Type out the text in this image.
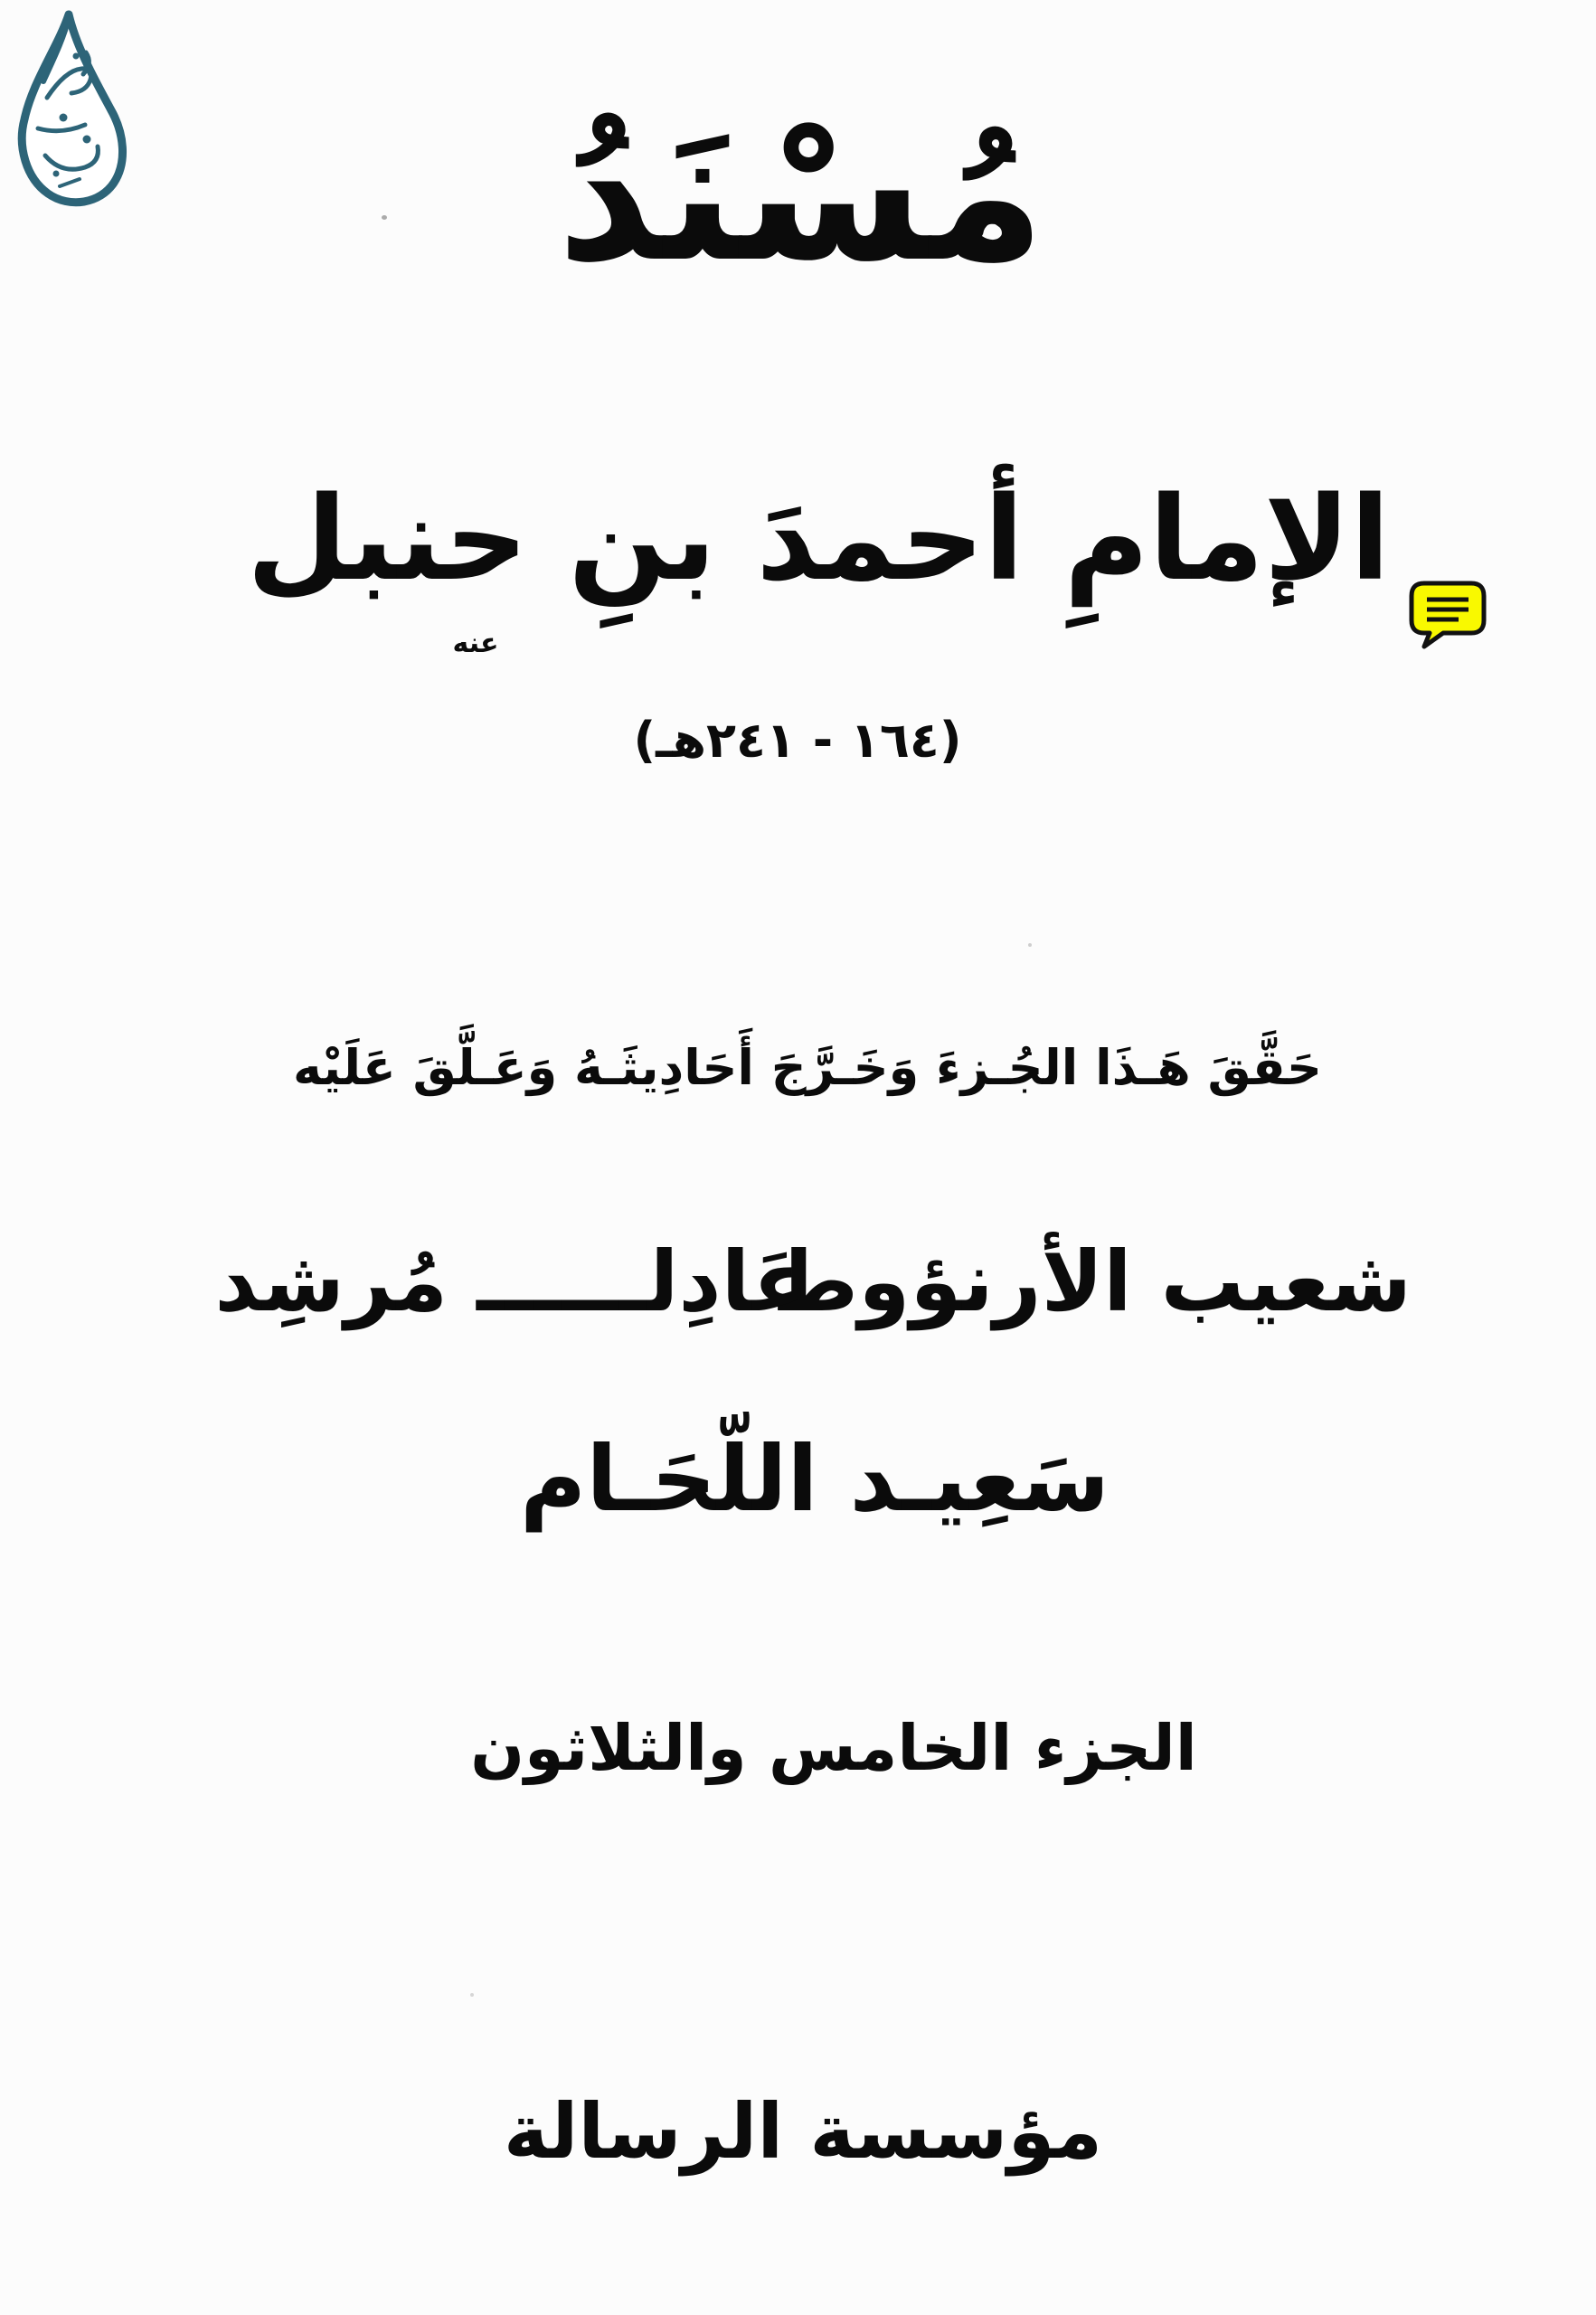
مُسْنَدُ
الإمامِ أحمدَ بنِ حنبل
عنه
(١٦٤ - ٢٤١هـ)
حَقَّقَ هَـذَا الجُـزءَ وَخَـرَّجَ أَحَادِيثَـهُ وَعَـلَّقَ عَلَيْه
شعيب الأرنؤوط
عَادِلــــــ مُرشِد
سَعِيـد اللّحَـام
الجزء الخامس والثلاثون
مؤسسة الرسالة
